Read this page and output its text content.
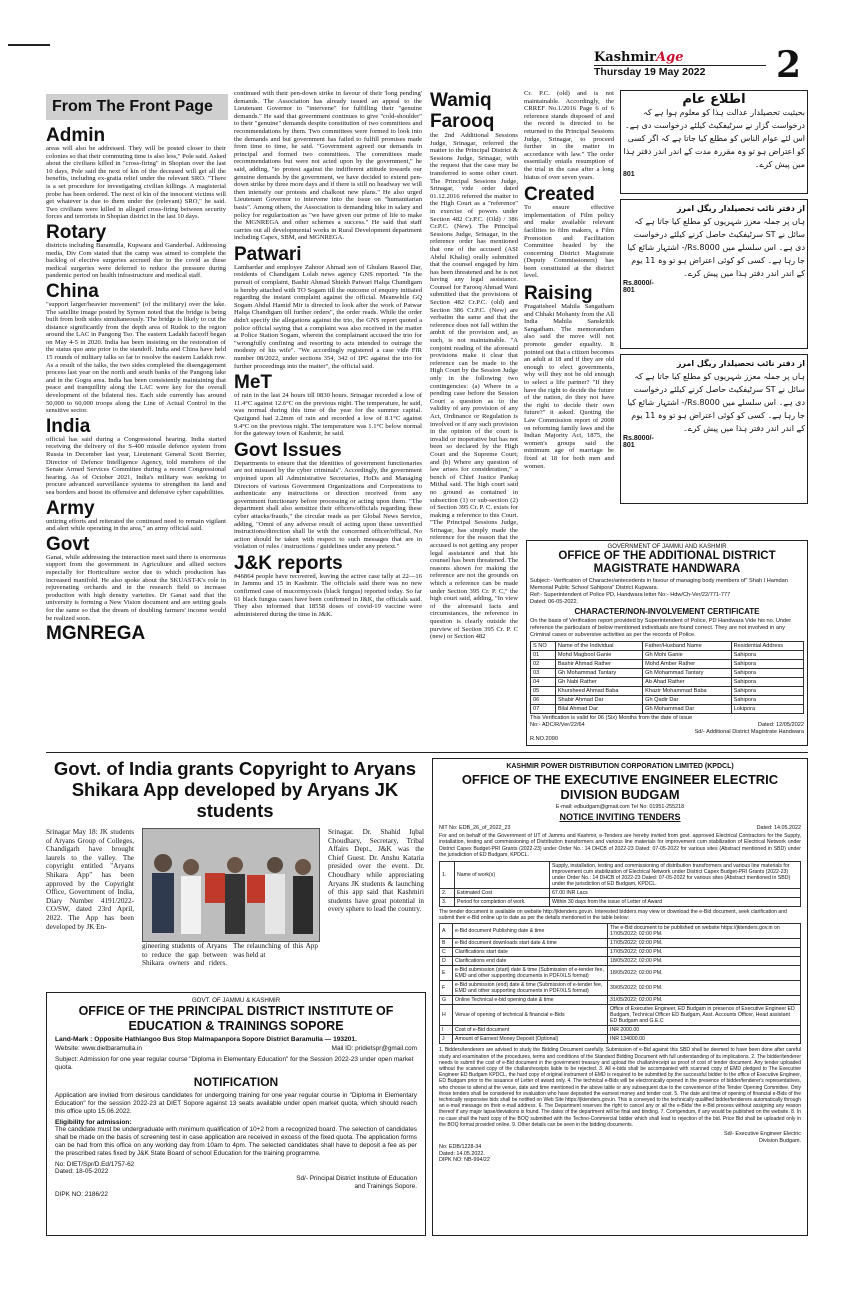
KashmirAge
Thursday 19 May 2022 2
From The Front Page
Admin
areas will also be addressed. They will be posted closer to their colonies so that their commuting time is also less," Pole said. Asked about the civilians killed in "cross-firing" in Shopian over the last 10 days, Pole said the next of kin of the deceased will get all the benefits, including ex-gratia relief under the relevant SRO. "There is a set procedure for investigating civilian killings. A magisterial probe has been ordered. The next of kin of the innocent victims will get whatever is due to them under the (relevant) SRO," he said. Two civilians were killed in alleged cross-firing between security forces and terrorists in Shopian district in the last 10 days.
Rotary
districts including Baramulla, Kupwara and Ganderbal. Addressing media, Div Com stated that the camp was aimed to complete the backlog of elective surgeries accrued due to the covid as these medical surgeries were deferred to reduce the pressure during pandemic period on health infrastructure and medical staff.
China
"support larger/heavier movement" (of the military) over the lake. The satellite image posted by Symon noted that the bridge is being built from both sides simultaneously. The bridge is likely to cut the distance significantly from the depth area of Rudok to the region around the LAC in Pangong Tso. The eastern Ladakh faceoff began on May 4-5 in 2020. India has been insisting on the restoration of the status quo ante prior to the standoff. India and China have held 15 rounds of military talks so far to resolve the eastern Ladakh row. As a result of the talks, the two sides completed the disengagement process last year on the north and south banks of the Pangong lake and in the Gogra area. India has been consistently maintaining that peace and tranquillity along the LAC were key for the overall development of the bilateral ties. Each side currently has around 50,000 to 60,000 troops along the Line of Actual Control in the sensitive sector.
India
official has said during a Congressional hearing. India started receiving the delivery of the S-400 missile defence system from Russia in December last year, Lieutenant General Scott Berrier, Director of Defence Intelligence Agency, told members of the Senate Armed Services Committee during a recent Congressional hearing. As of October 2021, India's military was seeking to procure advanced surveillance systems to strengthen its land and sea borders and boost its offensive and defensive cyber capabilities.
Army
untiring efforts and reiterated the continued need to remain vigilant and alert while operating in the area," an army official said.
Govt
Ganai, while addressing the interaction meet said there is enormous support from the government in Agriculture and allied sectors especially for Horticulture sector due to which production has increased manifold. He also spoke about the SKUAST-K's role in rejuvenating orchards and in the research field to increase production with high density varieties. Dr Ganai said that the university is forming a New Vision document and are setting goals for the same so that the dream of doubling farmers' income would be realized soon.
MGNREGA
continued with their pen-down strike in favour of their 'long pending' demands. The Association has already issued an appeal to the Lieutenant Governor to "intervene" for fulfilling their "genuine demands." He said that government continues to give "cold-shoulder" to their "genuine" demands despite constitution of two committees and recommendations by them. Two committees were formed to look into the demands and but government has failed to fulfill promises made from time to time, he said. "Government agreed our demands in principal and formed two committees. The committees made recommendations but were not acted upon by the government," he said, adding, "to protest against the indifferent attitude towards our genuine demands by the government, we have decided to extend pen-down strike by three more days and if there is still no headway we will then intensify our protests and chalkout new plans." He also urged Lieutenant Governor to intervene into the issue on "humanitarian basis". Among others, the Association is demanding hike in salary and policy for regularization as "we have given our prime of life to make the MGNREGA and other schemes a success." He said that staff carries out all developmental works in Rural Development department including Capex, SBM, and MGNREGA.
Patwari
Lambardar and employee Zahoor Ahmad son of Ghulam Rasool Dar, residents of Chandigam Lolab news agency GNS reported. "In the pursuit of complaint, Bashir Ahmad Shiekh Patwari Halqa Chandigam is hereby attached with TO Sogam till the outcome of enquiry initiated regarding the instant complaint against the official. Meanwhile GQ Sogam Abdul Hamid Mir is directed to look after the work of Patwar Halqa Chandigam till further orders", the order reads. While the order didn't specify the allegations against the trio, the GNS report quoted a police official saying that a complaint was also received in the matter at Police Station Sogam, wherein the complainant accused the trio for "wrongfully confining and resorting to acts intended to outrage the modesty of his wife". "We accordingly registered a case vide FIR number 08/2022, under sections 354, 342 of IPC against the trio for further proceedings into the matter", the official said.
MeT
of rain in the last 24 hours till 0830 hours. Srinagar recorded a low of 11.4°C against 12.6°C on the previous night. The temperature, he said, was normal during this time of the year for the summer capital. Qazigund had 2.2mm of rain and recorded a low of 8.1°C against 9.4°C on the previous night. The temperature was 1.1°C below normal for the gateway town of Kashmir, he said.
Govt Issues
Departments to ensure that the identities of government functionaries are not misused by the cyber criminals". Accordingly, the government enjoined upon all Administrative Secretaries, HoDs and Managing Directors of various Government Organizations and Corporations to authenticate any instructions or direction received from any government functionary before processing or acting upon them. "The department shall also sensitize their officers/officials regarding these cyber attacks/frauds," the circular reads as per Global News Service, adding, "Omni of any adverse result of acting upon these unverified instructions/direction shall lie with the concerned officer/official. No action should be taken with respect to such messages that are in violation of rules / instructions / guidelines under any pretext."
J&K reports
#46864 people have recovered, leaving the active case tally at 22—16 in Jammu and 15 in Kashmir. The officials said there was no new confirmed case of mucormycosis (black fungus) reported today. So far 61 black fungus cases have been confirmed in J&K, the officials said. They also informed that 18558 doses of covid-19 vaccine were administered during the time in J&K.
Wamiq Farooq
the 2nd Additional Sessions Judge, Srinagar, referred the matter to the Principal District & Sessions Judge, Srinagar, with the request that the case may be transferred to some other court. The Principal Sessions Judge, Srinagar, vide order dated 01.12.2016 referred the matter to the High Court as a "reference" in exercise of powers under Section 482 Cr.P.C. (Old) / 386 Cr.P.C. (New). The Principal Sessions Judge, Srinagar, in the reference order has mentioned that one of the accused (ASI Abdul Khaliq) orally submitted that the counsel engaged by him has been threatened and he is not having any legal assistance. Counsel for Farooq Ahmad Wani submitted that the provisions of Section 482 Cr.P.C. (old) and Section 386 Cr.P.C. (New) are verbatim the same and that the reference does not fall within the ambit of the provision and, as such, is not maintainable. "A conjoint reading of the aforesaid provisions make it clear that reference can be made to the High Court by the Session Judge only in the following two contingencies: (a) Where in a pending case before the Session Court a question as to the validity of any provision of any Act, Ordinance or Regulation is involved or if any such provision in the opinion of the court is invalid or inoperative but has not been so declared by the High Court and the Supreme Court; and (b) Where any question of law arises for consideration," a bench of Chief Justice Pankaj Mithal said. The high court said no ground as contained in subsection (1) or sub-section (2) of Section 395 Cr. P. C. exists for making a reference to this Court. "The Principal Sessions Judge, Srinagar, has simply made the reference for the reason that the accused is not getting any proper legal assistance and that his counsel has been threatened. The reasons shown for making the reference are not the grounds on which a reference can be made under Section 395 Cr. P. C," the high court said, adding, "In view of the aforesaid facts and circumstances, the reference in question is clearly outside the purview of Section 395 Cr. P. C (new) or Section 482
Cr. P.C. (old) and is not maintainable. Accordingly, the CRREF No.1/2016 Page 6 of 6 reference stands disposed of and the record is directed to be returned to the Principal Sessions Judge, Srinagar, to proceed further in the matter in accordance with law." The order essentially entails resumption of the trial in the case after a long hiatus of over seven years.
Created
To ensure effective implementation of Film policy and make available relevant facilities to film makers, a Film Promotion and Facilitation Committee headed by the concerning District Magistrate (Deputy Commissioners) has been constituted at the district level.
Raising
Pragatisheel Mahila Sangatham and Chhaki Mohanty from the All India Mahila Sanskritik Sangatham. The memorandum also said the move will not promote gender equality. It pointed out that a citizen becomes an adult at 18 and if they are old enough to elect governments, why will they not be old enough to select a life partner? "If they have the right to decide the future of the nation, do they not have the right to decide their own future?" it asked. Quoting the Law Commission report of 2008 on reforming family laws and the Indian Majority Act, 1875, the women's groups said the minimum age of marriage be fixed at 18 for both men and women.
اطلاع عام
بحیثیت تحصیلدار عدالت ہذا کو معلوم ہوا ہے کہ درخواست گزار نے سرٹیفکیٹ کیلئے درخواست دی ہے۔ اس لئے عوام الناس کو مطلع کیا جاتا ہے کہ اگر کسی کو اعتراض ہو تو وہ مقررہ مدت کے اندر اندر دفتر ہذا میں پیش کرے۔
801
از دفتر نائب تحصیلدار ریگل امرز
ہاں پر جملہ معزز شہریوں کو مطلع کیا جاتا ہے کہ سائل نے ST سرٹیفکیٹ حاصل کرنے کیلئے درخواست دی ہے۔ اس سلسلے میں Rs.8000/- اشتہار شائع کیا جا رہا ہے۔ کسی کو کوئی اعتراض ہو تو وہ 11 یوم کے اندر اندر دفتر ہذا میں پیش کرے۔
Rs.8000/-
801
از دفتر نائب تحصیلدار ریگل امرز
ہاں پر جملہ معزز شہریوں کو مطلع کیا جاتا ہے کہ سائل نے ST سرٹیفکیٹ حاصل کرنے کیلئے درخواست دی ہے۔ اس سلسلے میں Rs.8000/- اشتہار شائع کیا جا رہا ہے۔ کسی کو کوئی اعتراض ہو تو وہ 11 یوم کے اندر اندر دفتر ہذا میں پیش کرے۔
Rs.8000/-
801
GOVERNMENT OF JAMMU AND KASHMIR
OFFICE OF THE ADDITIONAL DISTRICT MAGISTRATE HANDWARA
Subject:- Verification of Character/antecedents in favour of managing body members of" Shah I Hamdan Memorial Public School Sahipora" District Kupwara.
Ref:- Superintendent of Police PD, Handwara letter No:- Hdw/Ch-Ver/22/771-777
Dated: 06-05-2022.
CHARACTER/NON-INVOLVEMENT CERTIFICATE
On the basis of Verification report provided by Superintendent of Police, PD Handwara Vide his no. Under reference the particulars of below mentioned individuals are found correct. They are not involved in any Criminal cases or subversive activities as per the records of Police.
S NO	Name of the Individual	Father/Husband Name	Residential Address
01	Mohd Magbool Ganie	Gh Mohi Ganie	Sahipora
02	Bashir Ahmad Rather	Mohd Amber Rather	Sahipora
03	Gh Mohammad Tantary	Gh Mohammad Tantary	Sahipora
04	Gh Nabi Rather	Ab Ahad Rather	Sahipora
05	Khursheed Ahmad Baba	Khazir Mohammad Baba	Sahipora
06	Shabir Ahmad Dar	Gh Qadir Dar	Sahipora
07	Bilal Ahmad Dar	Gh Mohammad Dar	Lokipora
This Verification is valid for 06 (Six) Months from the date of issue
No:- ADC/R/Ver/22/64	Dated: 12/05/2022
Sd/- Additional District Magistrate Handwara
R.NO.2090
Govt. of India grants Copyright to Aryans Shikara App developed by Aryans JK students
Srinagar May 18: JK students of Aryans Group of Colleges, Chandigarh have brought laurels to the valley. The copyright entitled "Aryans Shikara App" has been approved by the Copyright Office, Government of India, Diary Number 4191/2022-CO/SW, dated 23rd April, 2022. The App has been developed by JK En-
gineering students of Aryans to reduce the gap between Shikara owners and riders. The relaunching of this App was held at
Srinagar. Dr. Shahid Iqbal Choudhary, Secretary, Tribal Affairs Dept., J&K was the Chief Guest. Dr. Anshu Kataria presided over the event. Dr. Choudhary while appreciating Aryans JK students & launching of this app said that Kashmiri students have great potential in every sphere to lead the country.
GOVT. OF JAMMU & KASHMIR
OFFICE OF THE PRINCIPAL DISTRICT INSTITUTE OF EDUCATION & TRAININGS SOPORE
Land-Mark : Opposite Hathlangoo Bus Stop Malmapanpora Sopore District Baramulla — 193201.
Website: www.dietbaramulla.in	Mail ID: pridietspr@gmail.com
Subject: Admission for one year regular course "Diploma in Elementary Education" for the Session 2022-23 under open market quota.
NOTIFICATION
Application are invited from desirous candidates for undergoing training for one year regular course in "Diploma in Elementary Education" for the session 2022-23 at DIET Sopore against 13 seats available under open market quota, which should reach this office upto 15.06.2022.
Eligibility for admission:
The candidate must be undergraduate with minimum qualification of 10+2 from a recognized board. The selection of candidates shall be made on the basis of screening test in case application are received in excess of the fixed quota. The application forms can be had from this office on any working day from 10am to 4pm. The selected candidates shall have to deposit a fee as per the prescribed rates fixed by J&K State Board of school Education for the training programme.
No: DIET/Spr/D.Ed/1757-62
Dated: 18-05-2022
Sd/- Principal District Institute of Education and Trainings Sopore.
DIPK NO: 2186/22
KASHMIR POWER DISTRIBUTION CORPORATION LIMITED (KPDCL)
OFFICE OF THE EXECUTIVE ENGINEER ELECTRIC DIVISION BUDGAM
E-mail: edbudgam@gmail.com Tel No: 01951-255218
NOTICE INVITING TENDERS
NIT No: EDB_26_of_2022_23	Dated: 14.05.2022
For and on behalf of the Government of UT of Jammu and Kashmir, e-Tenders are hereby invited from govt. approved Electrical Contractors for the Supply, installation, testing and commissioning of Distribution transformers and various line materials for improvement cum stabilization of Electrical Network under District Capex Budget-PRI Grants (2022-23) under Order No.: 14 DHCB of 2022-23 Dated: 07-05-2022 for various sites (Abstract mentioned in SBD) under the jurisdiction of ED Budgam, KPDCL.
1.	Name of work(s)	Supply, installation, testing and commissioning of distribution transformers and various line materials for improvement cum stabilization of Electrical Network under District Capex Budget-PRI Grants (2022-23) under Order No.: 14 DHCB of 2022-23 Dated: 07-05-2022 for various sites (Abstract mentioned in SBD) under the jurisdiction of ED Budgam, KPDCL.
2.	Estimated Cost	67.00 INR Lacs
3.	Period for completion of work.	Within 30 days from the issue of Letter of Award
The tender document is available on website http://jktenders.gov.in. Interested bidders may view or download the e-Bid document, seek clarification and submit their e-Bid online up to date as per the details mentioned in the table below:
A	e-Bid document Publishing date & time	The e-Bid document to be published on website https://jktenders.gov.in on 17/05/2022; 02:00 PM.
B	e-Bid document downloads start date & time	17/05/2022; 02:00 PM.
C	Clarifications start date	17/05/2022; 02:00 PM.
D	Clarifications end date	18/05/2022; 02:00 PM.
E	e-Bid submission (start) date & time (Submission of e-tender fee, EMD and other supporting documents in PDF/XLS format)	18/05/2022; 02:00 PM.
F	e-Bid submission (end) date & time (Submission of e-tender fee, EMD and other supporting documents in PDF/XLS format)	30/05/2022; 02:00 PM.
G	Online Technical e-bid opening date & time	31/05/2022; 02:00 PM.
H	Venue of opening of technical & financial e-Bids	Office of Executive Engineer, ED Budgam in presence of Executive Engineer ED Budgam, Technical Officer ED Budgam, Asst. Accounts Officer, Head assistant ED Budgam and G.E.C
I	Cost of e-Bid document	INR 2000.00
J	Amount of Earnest Money Deposit (Optional)	INR 134000.00
1. Bidders/tenderers are advised to study the Bidding Document carefully. Submission of e-Bid against this SBD shall be deemed to have been done after careful study and examination of the procedures, terms and conditions of the Standard Bidding Document with full understanding of its implications. 2. The bidder/tenderer needs to submit the cost of e-Bid document in the government treasury and upload the challan/receipt as proof of cost of tender document. Any tender uploaded without the scanned copy of the challan/receipts liable to be rejected. 3. All e-bids shall be accompanied with scanned copy of EMD pledged to The Executive Engineer ED Budgam KPDCL, the hard copy of original instrument of EMD is required to be submitted by the successful bidder to the office of Executive Engineer, ED Budgam prior to the issuance of Letter of award only. 4. The technical e-Bids will be electronically opened in the presence of bidder/tenderer's representatives, who choose to attend at the venue, date and time mentioned in the above table or any subsequent due to the convenience of the Tender Opening Committee. Only those tenders shall be considered for evaluation who have deposited the earnest money and tender cost. 5. The date and time of opening of financial e-Bids of the technically responsive bids shall be notified on Web Site https://jktenders.gov.in. This is conveyed to the technically qualified bidder/tenderers automatically through an e-mail message on their e-mail address. 6. The Department reserves the right to cancel any or all the e-Bids/ the e-Bid process without assigning any reason thereof if any major lapse/deviations is found. The dates of the department will be final and binding. 7. Corrigendum, if any would be published on the website. 8. In no case shall the hard copy of the BOQ submitted with the Techno-Commercial bidder which shall lead to rejection of the bid. Price Bid shall be uploaded only in the BOQ format provided online. 9. Other details can be seen in the bidding documents.
Sd/- Executive Engineer Electric Division Budgam.
No: EDB/1228-34
Dated: 14.05.2022.
DIPK NO: NB-994/22
